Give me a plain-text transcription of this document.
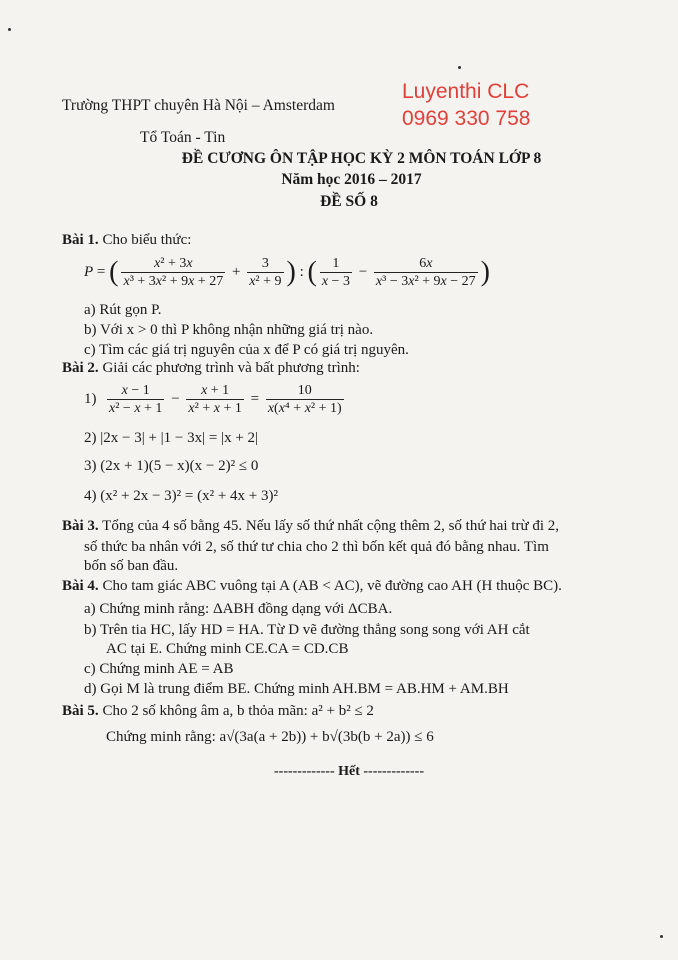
Trường THPT chuyên Hà Nội – Amsterdam
Tổ Toán - Tin
Luyenthi CLC
0969 330 758
ĐỀ CƯƠNG ÔN TẬP HỌC KỲ 2 MÔN TOÁN LỚP 8
Năm học 2016 – 2017
ĐỀ SỐ 8
Bài 1. Cho biểu thức:
P = ( $\frac{\text{x² + 3x}}{\text{x³ + 3x² + 9x + 27}} + \frac{3}{\text{x² + 9}}$ ) : ( $\frac{1}{x - 3} - \frac{6x}{\text{x³ − 3x² + 9x − 27}}$ )
a) Rút gọn P.
b) Với x > 0 thì P không nhận những giá trị nào.
c) Tìm các giá trị nguyên của x để P có giá trị nguyên.
Bài 2. Giải các phương trình và bất phương trình:
$1) \frac{x - 1}{\text{x² − x + 1}} - \frac{x + 1}{\text{x² + x + 1}} = \frac{10}{\text{x(x⁴ + x² + 1)}}$
2) |2x − 3| + |1 − 3x| = |x + 2|
3) (2x + 1)(5 − x)(x − 2)² ≤ 0
4) (x² + 2x − 3)² = (x² + 4x + 3)²
Bài 3. Tổng của 4 số bằng 45. Nếu lấy số thứ nhất cộng thêm 2, số thứ hai trừ đi 2,
số thức ba nhân với 2, số thứ tư chia cho 2 thì bốn kết quả đó bằng nhau. Tìm
bốn số ban đầu.
Bài 4. Cho tam giác ABC vuông tại A (AB < AC), vẽ đường cao AH (H thuộc BC).
a) Chứng minh rằng: ΔABH đồng dạng với ΔCBA.
b) Trên tia HC, lấy HD = HA. Từ D vẽ đường thẳng song song với AH cắt
AC tại E. Chứng minh CE.CA = CD.CB
c) Chứng minh AE = AB
d) Gọi M là trung điểm BE. Chứng minh AH.BM = AB.HM + AM.BH
Bài 5. Cho 2 số không âm a, b thỏa mãn: a² + b² ≤ 2
Chứng minh rằng: a√(3a(a + 2b)) + b√(3b(b + 2a)) ≤ 6
------------- Hết -------------
